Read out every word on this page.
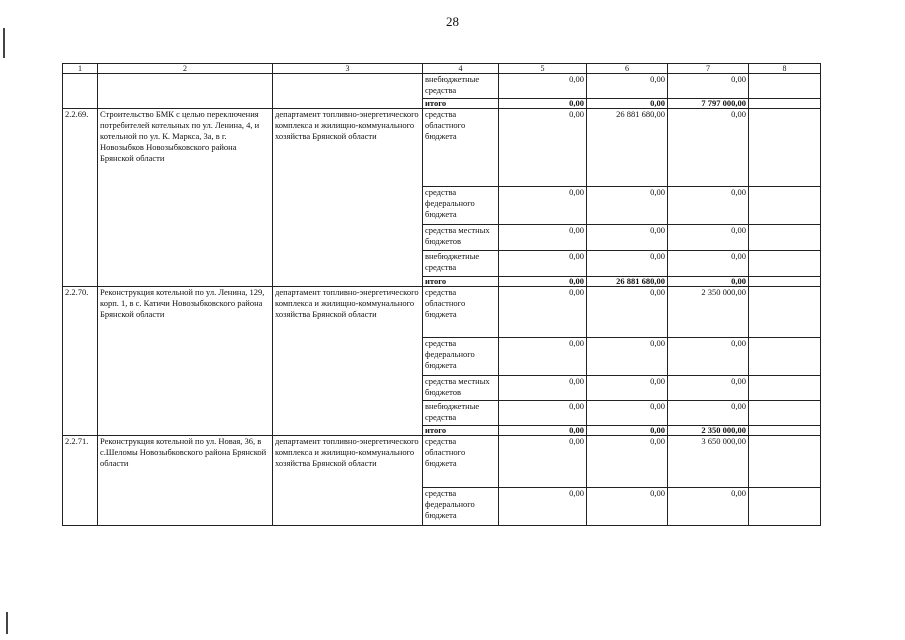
28
1	2	3	4	5	6	7	8
			внебюджетные средства	0,00	0,00	0,00	
			итого	0,00	0,00	7 797 000,00	
2.2.69.	Строительство БМК с целью переключения потребителей котельных по ул. Ленина, 4, и котельной по ул. К. Маркса, 3а, в г. Новозыбков Новозыбковского района Брянской области	департамент топливно-энергетического комплекса и жилищно-коммунального хозяйства Брянской области	средства областного бюджета	0,00	26 881 680,00	0,00	
			средства федерального бюджета	0,00	0,00	0,00	
			средства местных бюджетов	0,00	0,00	0,00	
			внебюджетные средства	0,00	0,00	0,00	
			итого	0,00	26 881 680,00	0,00	
2.2.70.	Реконструкция котельной по ул. Ленина, 129, корп. 1, в с. Катичи Новозыбковского района Брянской области	департамент топливно-энергетического комплекса и жилищно-коммунального хозяйства Брянской области	средства областного бюджета	0,00	0,00	2 350 000,00	
			средства федерального бюджета	0,00	0,00	0,00	
			средства местных бюджетов	0,00	0,00	0,00	
			внебюджетные средства	0,00	0,00	0,00	
			итого	0,00	0,00	2 350 000,00	
2.2.71.	Реконструкция котельной по ул. Новая, 36, в с.Шеломы Новозыбковского района Брянской области	департамент топливно-энергетического комплекса и жилищно-коммунального хозяйства Брянской области	средства областного бюджета	0,00	0,00	3 650 000,00	
			средства федерального бюджета	0,00	0,00	0,00	
